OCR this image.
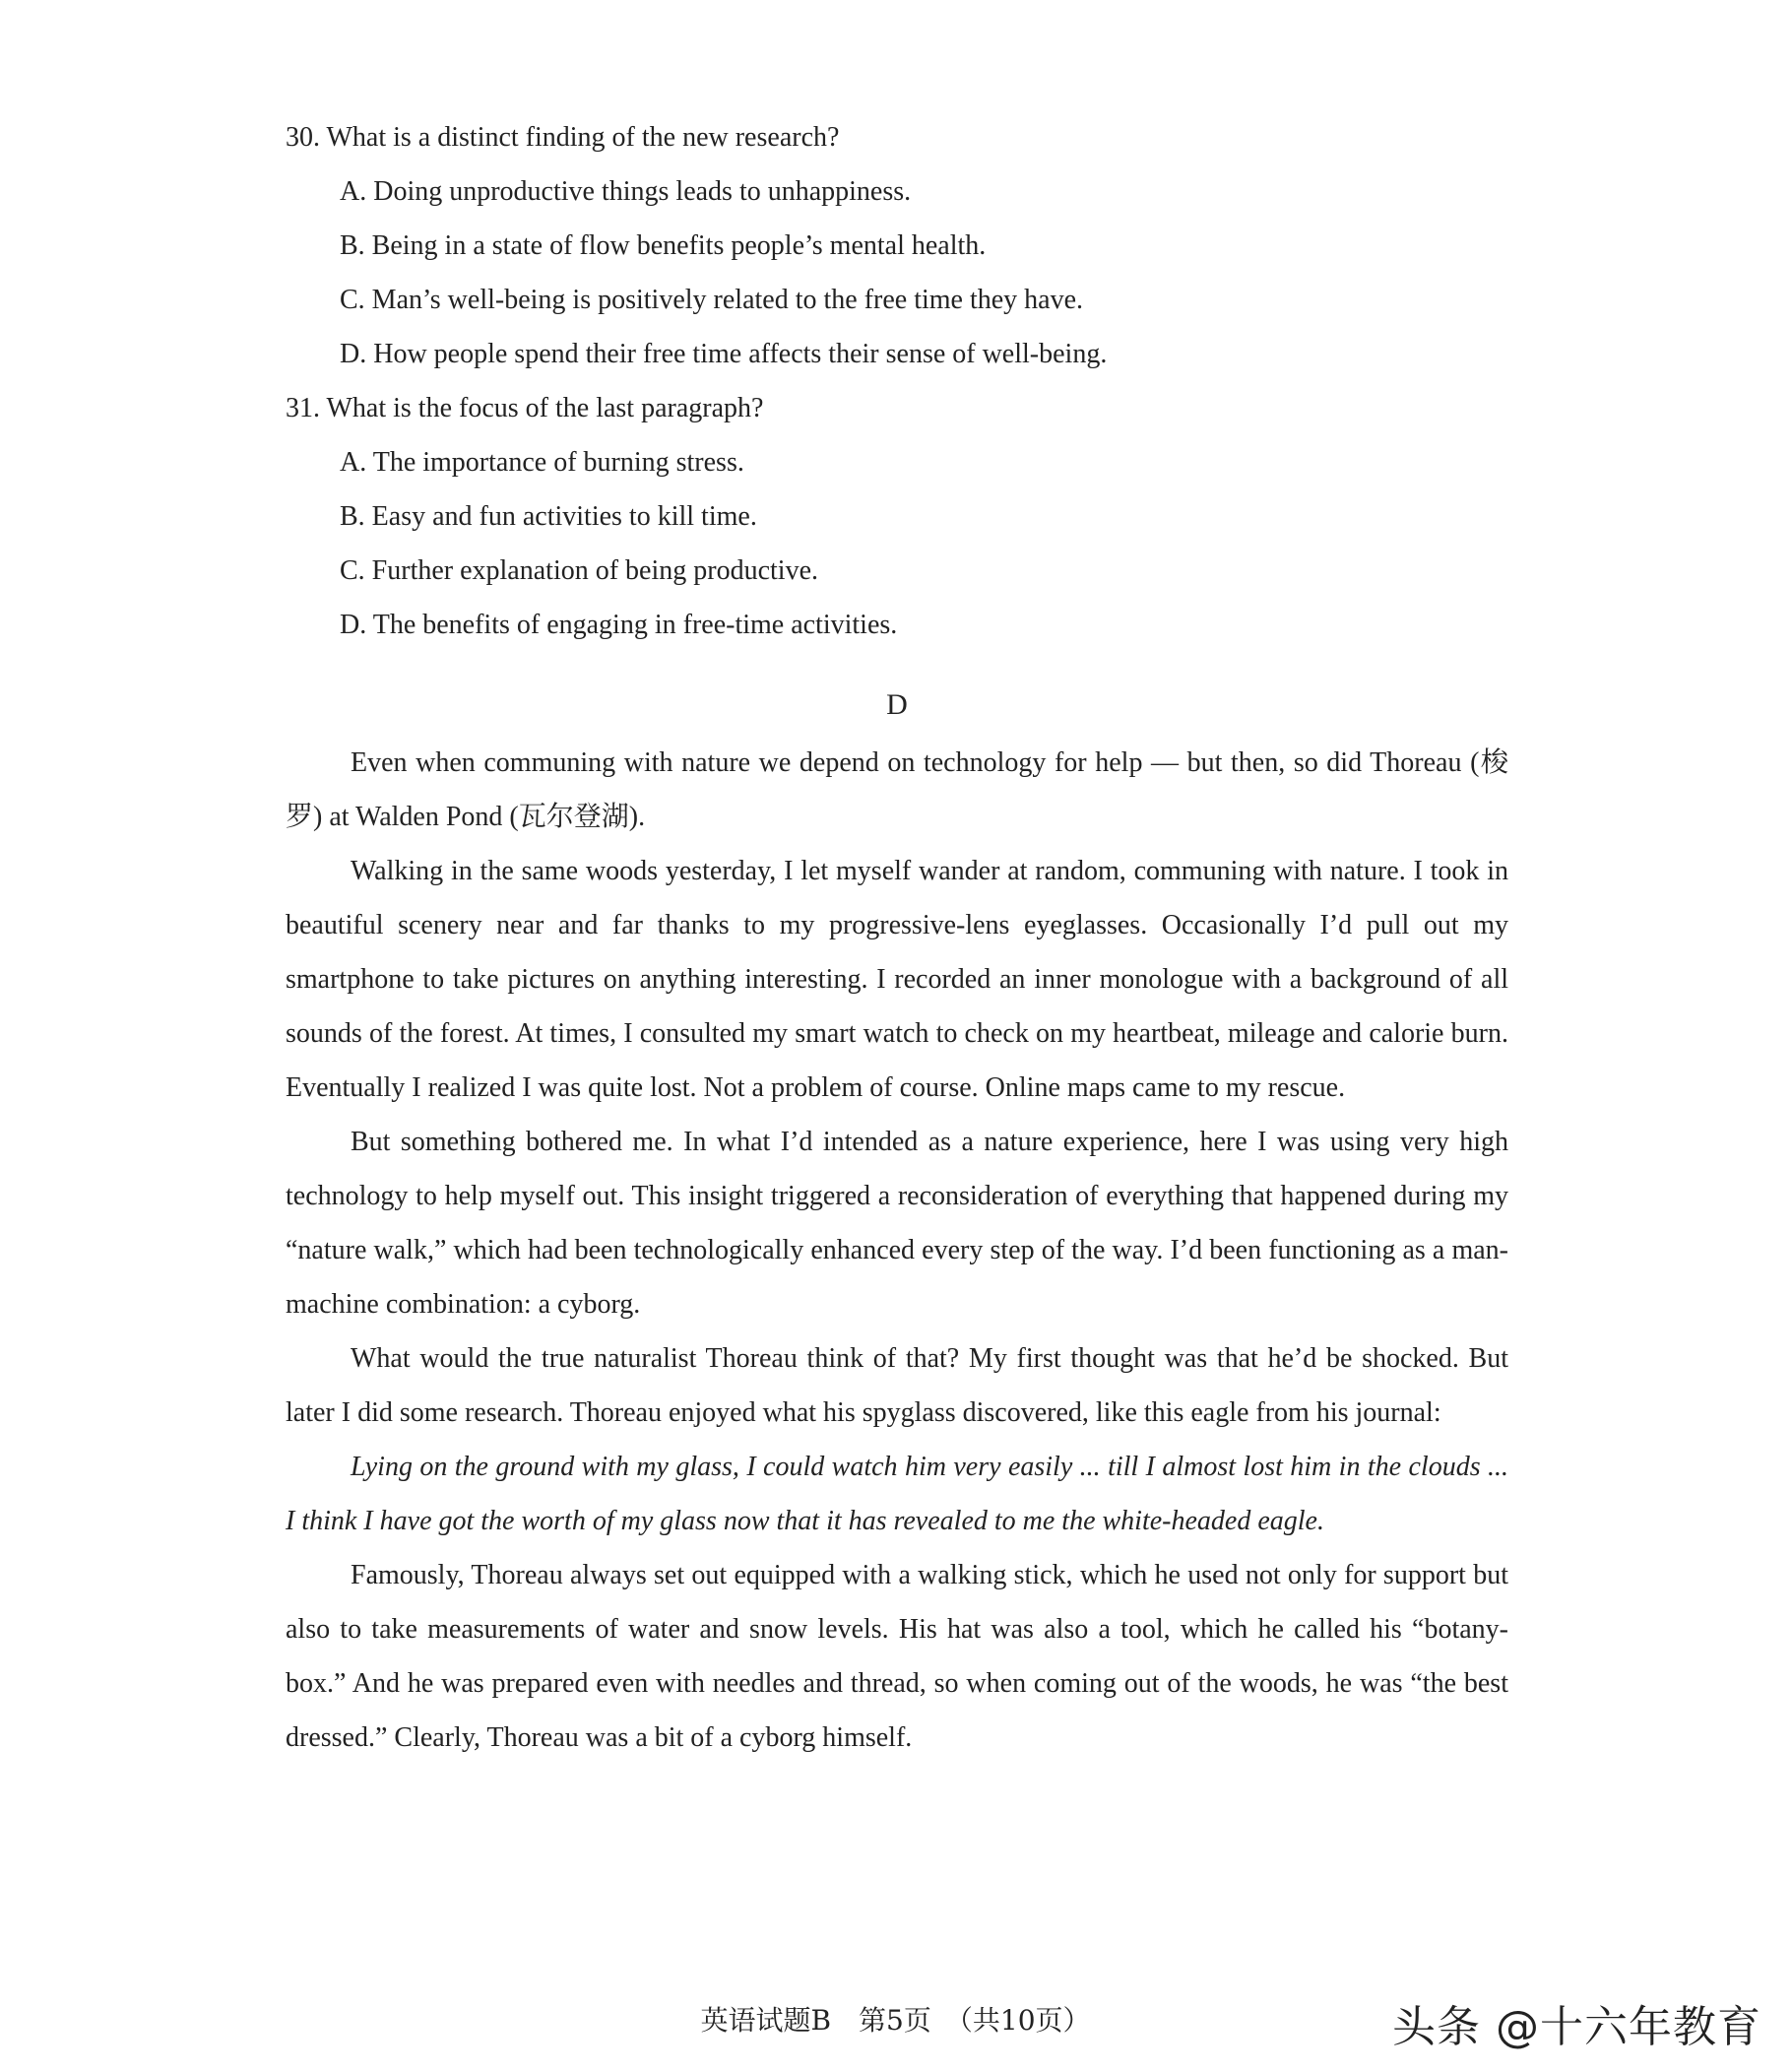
30. What is a distinct finding of the new research?
A. Doing unproductive things leads to unhappiness.
B. Being in a state of flow benefits people’s mental health.
C. Man’s well-being is positively related to the free time they have.
D. How people spend their free time affects their sense of well-being.
31. What is the focus of the last paragraph?
A. The importance of burning stress.
B. Easy and fun activities to kill time.
C. Further explanation of being productive.
D. The benefits of engaging in free-time activities.
D

Even when communing with nature we depend on technology for help — but then, so did Thoreau (梭罗) at Walden Pond (瓦尔登湖).

Walking in the same woods yesterday, I let myself wander at random, communing with nature. I took in beautiful scenery near and far thanks to my progressive-lens eyeglasses. Occasionally I’d pull out my smartphone to take pictures on anything interesting. I recorded an inner monologue with a background of all sounds of the forest. At times, I consulted my smart watch to check on my heartbeat, mileage and calorie burn. Eventually I realized I was quite lost. Not a problem of course. Online maps came to my rescue.

But something bothered me. In what I’d intended as a nature experience, here I was using very high technology to help myself out. This insight triggered a reconsideration of everything that happened during my “nature walk,” which had been technologically enhanced every step of the way. I’d been functioning as a man-machine combination: a cyborg.

What would the true naturalist Thoreau think of that? My first thought was that he’d be shocked. But later I did some research. Thoreau enjoyed what his spyglass discovered, like this eagle from his journal:

Lying on the ground with my glass, I could watch him very easily ... till I almost lost him in the clouds ... I think I have got the worth of my glass now that it has revealed to me the white-headed eagle.

Famously, Thoreau always set out equipped with a walking stick, which he used not only for support but also to take measurements of water and snow levels. His hat was also a tool, which he called his “botany-box.” And he was prepared even with needles and thread, so when coming out of the woods, he was “the best dressed.” Clearly, Thoreau was a bit of a cyborg himself.

英语试题B　第5页　（共10页）	头条 @十六年教育
